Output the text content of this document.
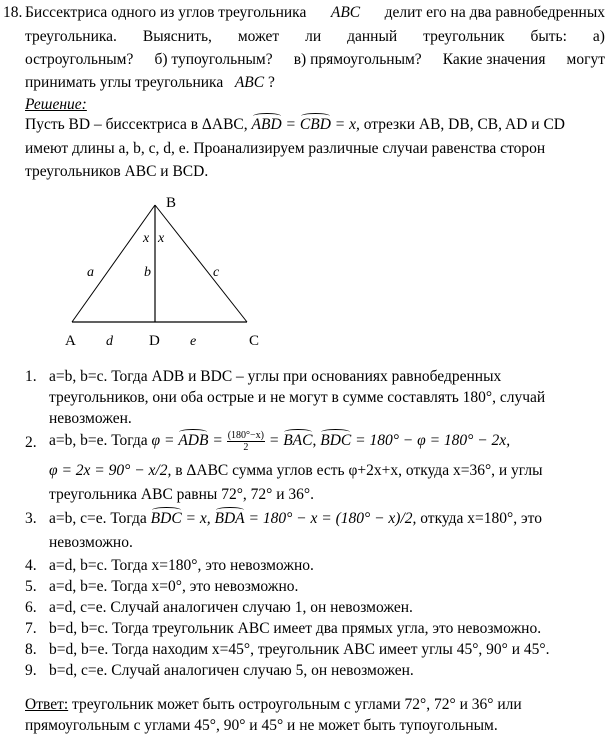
18. Биссектриса одного из углов треугольника ABC делит его на два равнобедренных
треугольника. Выяснить, может ли данный треугольник быть: а)
остроугольным? б) тупоугольным? в) прямоугольным? Какие значения могут
принимать углы треугольника ABC ?
Решение:
Пусть BD – биссектриса в ΔABC, ABD = CBD = x, отрезки AB, DB, CB, AD и CD
имеют длины a, b, c, d, e. Проанализируем различные случаи равенства сторон
треугольников ABC и BCD.
B
A	D	C
x x
a	b	c
d	e
1. a=b, b=c. Тогда ADB и BDC – углы при основаниях равнобедренных
треугольников, они оба острые и не могут в сумме составлять 180°, случай
невозможен.
2. a=b, b=e. Тогда φ = ADB = $\frac{(180^\circ-x)}{2}$ = BAC, BDC = 180° − φ = 180° − 2x,
φ = 2x = 90° − x/2, в ΔABC сумма углов есть φ+2x+x, откуда x=36°, и углы
треугольника ABC равны 72°, 72° и 36°.
3. a=b, c=e. Тогда BDC = x, BDA = 180° − x = (180° − x)/2, откуда x=180°, это
невозможно.
4. a=d, b=c. Тогда x=180°, это невозможно.
5. a=d, b=e. Тогда x=0°, это невозможно.
6. a=d, c=e. Случай аналогичен случаю 1, он невозможен.
7. b=d, b=c. Тогда треугольник ABC имеет два прямых угла, это невозможно.
8. b=d, b=e. Тогда находим x=45°, треугольник ABC имеет углы 45°, 90° и 45°.
9. b=d, c=e. Случай аналогичен случаю 5, он невозможен.
Ответ: треугольник может быть остроугольным с углами 72°, 72° и 36° или
прямоугольным с углами 45°, 90° и 45° и не может быть тупоугольным.
